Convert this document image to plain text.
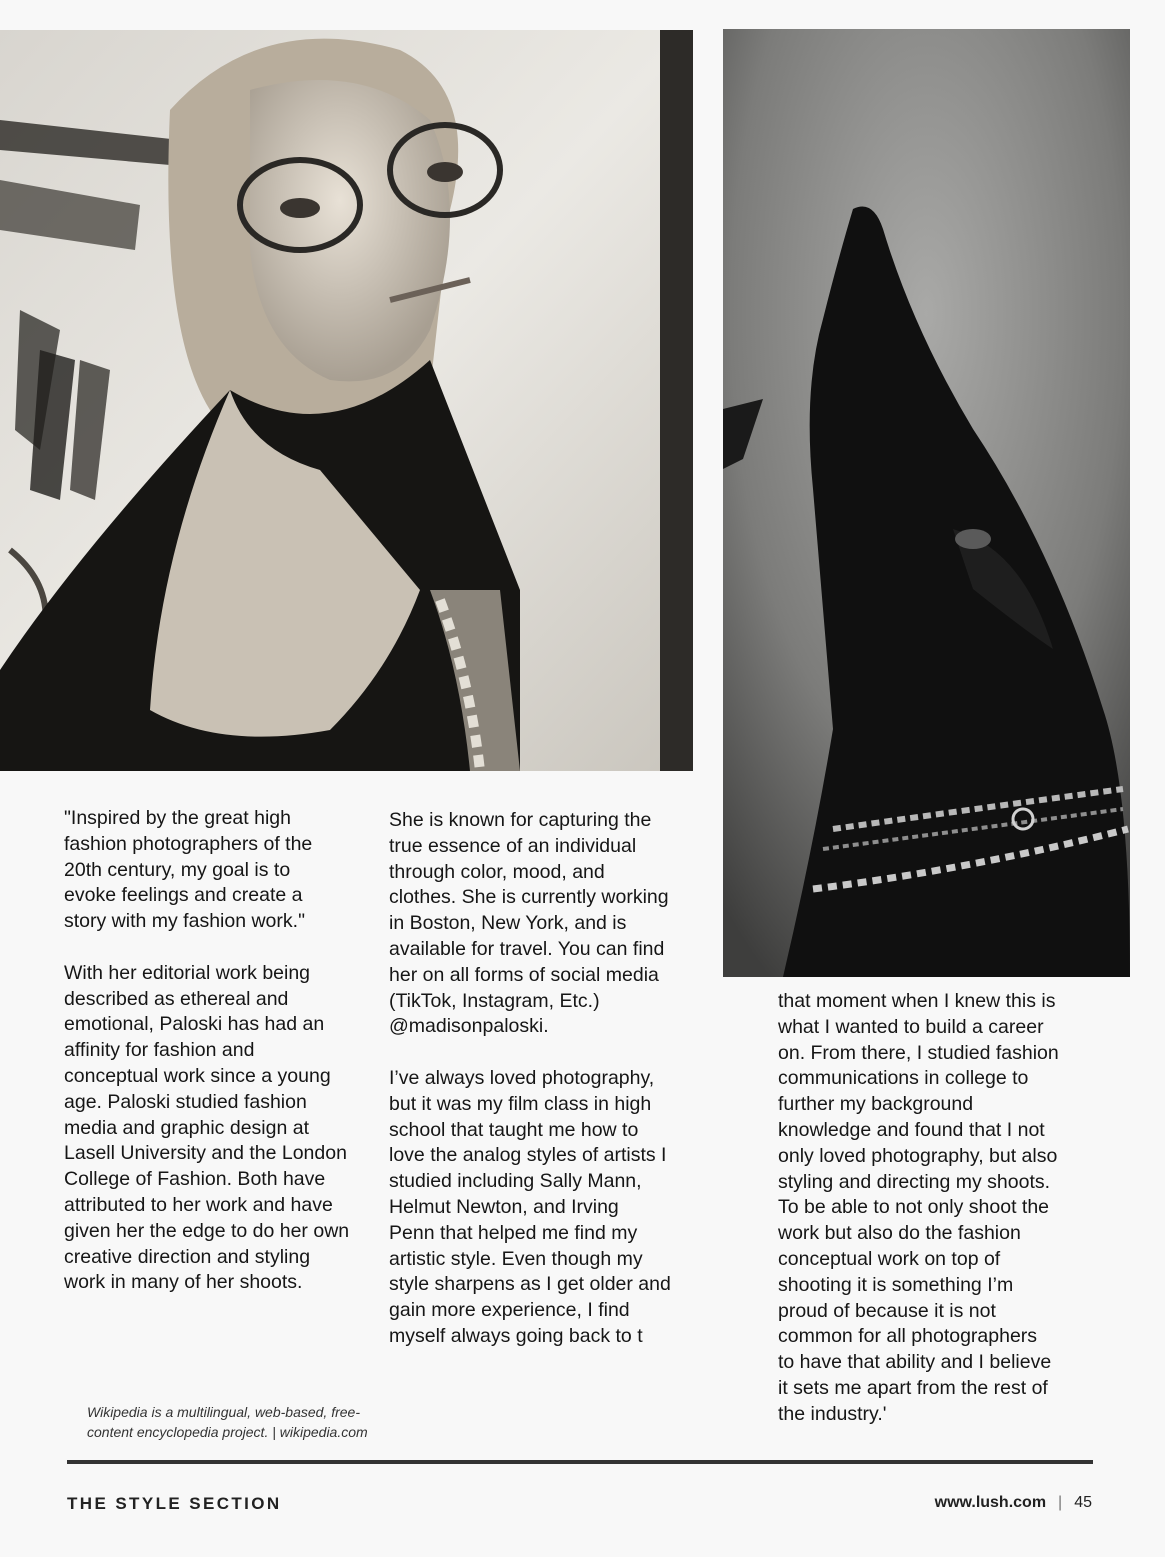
"Inspired by the great high
fashion photographers of the
20th century, my goal is to
evoke feelings and create a
story with my fashion work."

With her editorial work being
described as ethereal and
emotional, Paloski has had an
affinity for fashion and
conceptual work since a young
age. Paloski studied fashion
media and graphic design at
Lasell University and the London
College of Fashion. Both have
attributed to her work and have
given her the edge to do her own
creative direction and styling
work in many of her shoots.

She is known for capturing the
true essence of an individual
through color, mood, and
clothes. She is currently working
in Boston, New York, and is
available for travel. You can find
her on all forms of social media
(TikTok, Instagram, Etc.)
@madisonpaloski.

I’ve always loved photography,
but it was my film class in high
school that taught me how to
love the analog styles of artists I
studied including Sally Mann,
Helmut Newton, and Irving
Penn that helped me find my
artistic style. Even though my
style sharpens as I get older and
gain more experience, I find
myself always going back to t

that moment when I knew this is
what I wanted to build a career
on. From there, I studied fashion
communications in college to
further my background
knowledge and found that I not
only loved photography, but also
styling and directing my shoots.
To be able to not only shoot the
work but also do the fashion
conceptual work on top of
shooting it is something I’m
proud of because it is not
common for all photographers
to have that ability and I believe
it sets me apart from the rest of
the industry.'

Wikipedia is a multilingual, web-based, free-
content encyclopedia project. | wikipedia.com
THE STYLE SECTION	www.lush.com | 45
